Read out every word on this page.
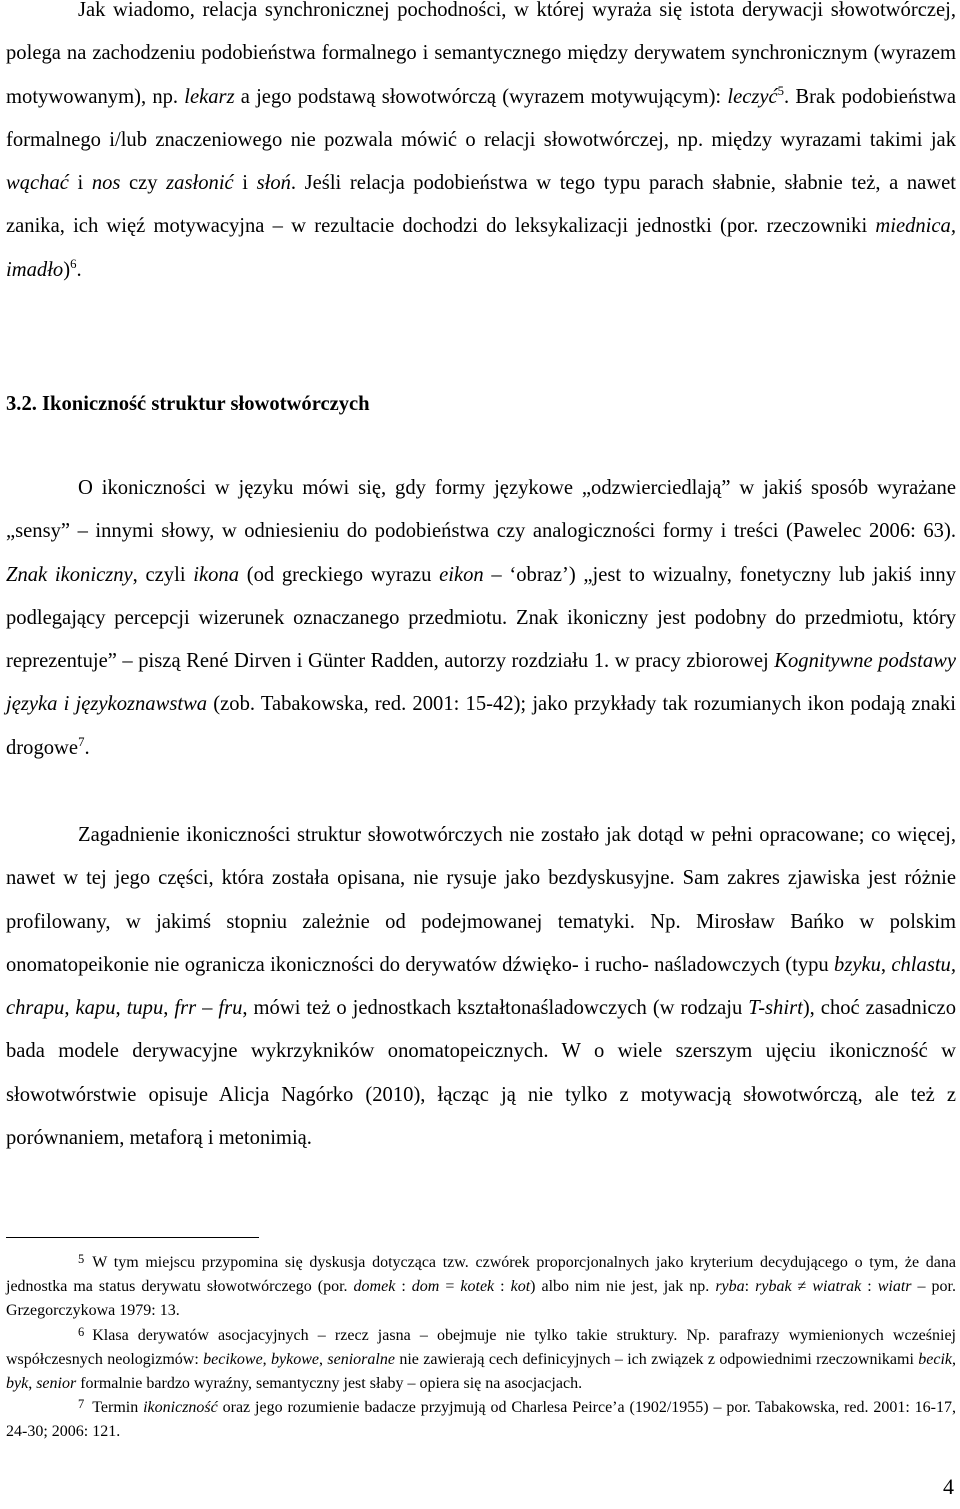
Jak wiadomo, relacja synchronicznej pochodności, w której wyraża się istota derywacji słowotwórczej, polega na zachodzeniu podobieństwa formalnego i semantycznego między derywatem synchronicznym (wyrazem motywowanym), np. lekarz a jego podstawą słowotwórczą (wyrazem motywującym): leczyć$^5$. Brak podobieństwa formalnego i/lub znaczeniowego nie pozwala mówić o relacji słowotwórczej, np. między wyrazami takimi jak wąchać i nos czy zasłonić i słoń. Jeśli relacja podobieństwa w tego typu parach słabnie, słabnie też, a nawet zanika, ich więź motywacyjna – w rezultacie dochodzi do leksykalizacji jednostki (por. rzeczowniki miednica, imadło)$^6$.

3.2. Ikoniczność struktur słowotwórczych

O ikoniczności w języku mówi się, gdy formy językowe „odzwierciedlają” w jakiś sposób wyrażane „sensy” – innymi słowy, w odniesieniu do podobieństwa czy analogiczności formy i treści (Pawelec 2006: 63). Znak ikoniczny, czyli ikona (od greckiego wyrazu eikon – ‘obraz’) „jest to wizualny, fonetyczny lub jakiś inny podlegający percepcji wizerunek oznaczanego przedmiotu. Znak ikoniczny jest podobny do przedmiotu, który reprezentuje” – piszą René Dirven i Günter Radden, autorzy rozdziału 1. w pracy zbiorowej Kognitywne podstawy języka i językoznawstwa (zob. Tabakowska, red. 2001: 15-42); jako przykłady tak rozumianych ikon podają znaki drogowe$^7$.

Zagadnienie ikoniczności struktur słowotwórczych nie zostało jak dotąd w pełni opracowane; co więcej, nawet w tej jego części, która została opisana, nie rysuje jako bezdyskusyjne. Sam zakres zjawiska jest różnie profilowany, w jakimś stopniu zależnie od podejmowanej tematyki. Np. Mirosław Bańko w polskim onomatopeikonie nie ogranicza ikoniczności do derywatów dźwięko- i rucho- naśladowczych (typu bzyku, chlastu, chrapu, kapu, tupu, frr – fru, mówi też o jednostkach kształtonaśladowczych (w rodzaju T-shirt), choć zasadniczo bada modele derywacyjne wykrzykników onomatopeicznych. W o wiele szerszym ujęciu ikoniczność w słowotwórstwie opisuje Alicja Nagórko (2010), łącząc ją nie tylko z motywacją słowotwórczą, ale też z porównaniem, metaforą i metonimią.

5 W tym miejscu przypomina się dyskusja dotycząca tzw. czwórek proporcjonalnych jako kryterium decydującego o tym, że dana jednostka ma status derywatu słowotwórczego (por. domek : dom = kotek : kot) albo nim nie jest, jak np. ryba: rybak ≠ wiatrak : wiatr – por. Grzegorczykowa 1979: 13.

6 Klasa derywatów asocjacyjnych – rzecz jasna – obejmuje nie tylko takie struktury. Np. parafrazy wymienionych wcześniej współczesnych neologizmów: becikowe, bykowe, senioralne nie zawierają cech definicyjnych – ich związek z odpowiednimi rzeczownikami becik, byk, senior formalnie bardzo wyraźny, semantyczny jest słaby – opiera się na asocjacjach.

7 Termin ikoniczność oraz jego rozumienie badacze przyjmują od Charlesa Peirce’a (1902/1955) – por. Tabakowska, red. 2001: 16-17, 24-30; 2006: 121.

4
